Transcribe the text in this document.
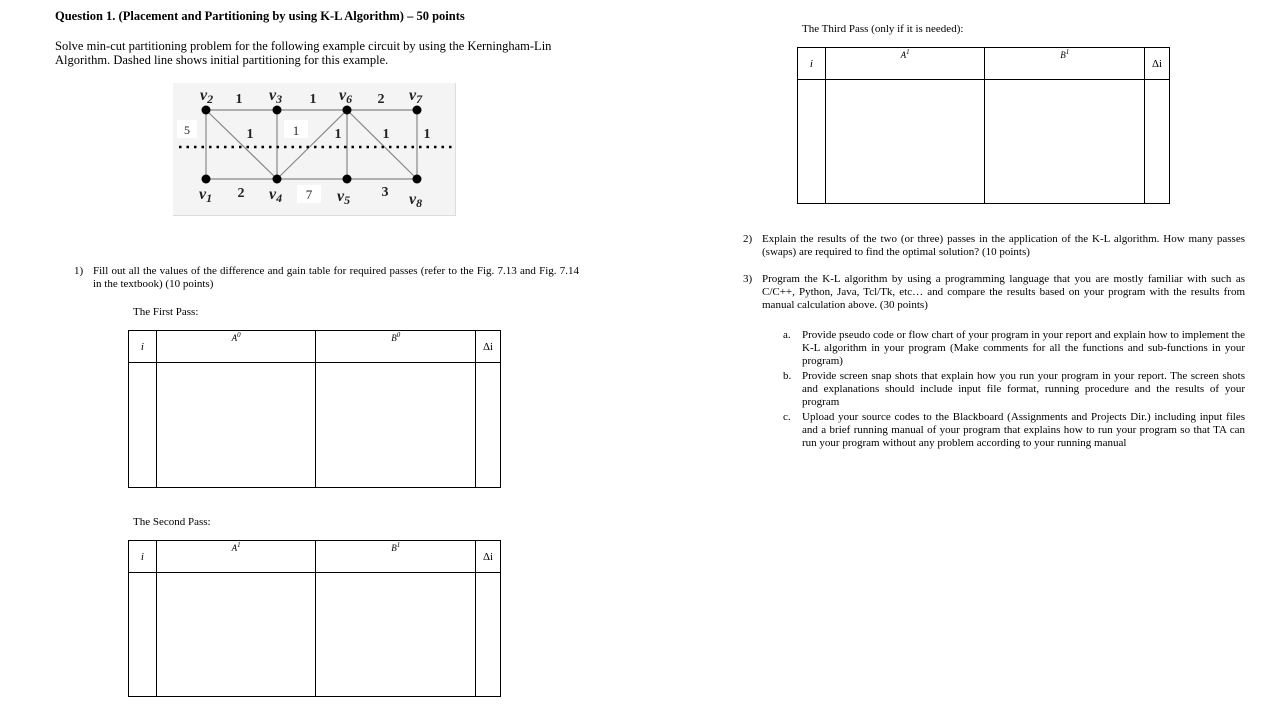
Question 1. (Placement and Partitioning by using K-L Algorithm) – 50 points
Solve min-cut partitioning problem for the following example circuit by using the Kerningham-Lin Algorithm. Dashed line shows initial partitioning for this example.
v2	v3	v6	v7
v1	v4	v5	v8
1	1	2
5	1	1	1	1 1
2	7	3
1) Fill out all the values of the difference and gain table for required passes (refer to the Fig. 7.13 and Fig. 7.14 in the textbook) (10 points)
The First Pass:
i	$A^0$	$B^0$	Δi

The Second Pass:
i	$A^1$	$B^1$	Δi

The Third Pass (only if it is needed):
i	$A^1$	$B^1$	Δi

2) Explain the results of the two (or three) passes in the application of the K-L algorithm. How many passes (swaps) are required to find the optimal solution? (10 points)
3) Program the K-L algorithm by using a programming language that you are mostly familiar with such as C/C++, Python, Java, Tcl/Tk, etc… and compare the results based on your program with the results from manual calculation above. (30 points)
a. Provide pseudo code or flow chart of your program in your report and explain how to implement the K-L algorithm in your program (Make comments for all the functions and sub-functions in your program)
b. Provide screen snap shots that explain how you run your program in your report. The screen shots and explanations should include input file format, running procedure and the results of your program
c. Upload your source codes to the Blackboard (Assignments and Projects Dir.) including input files and a brief running manual of your program that explains how to run your program so that TA can run your program without any problem according to your running manual
